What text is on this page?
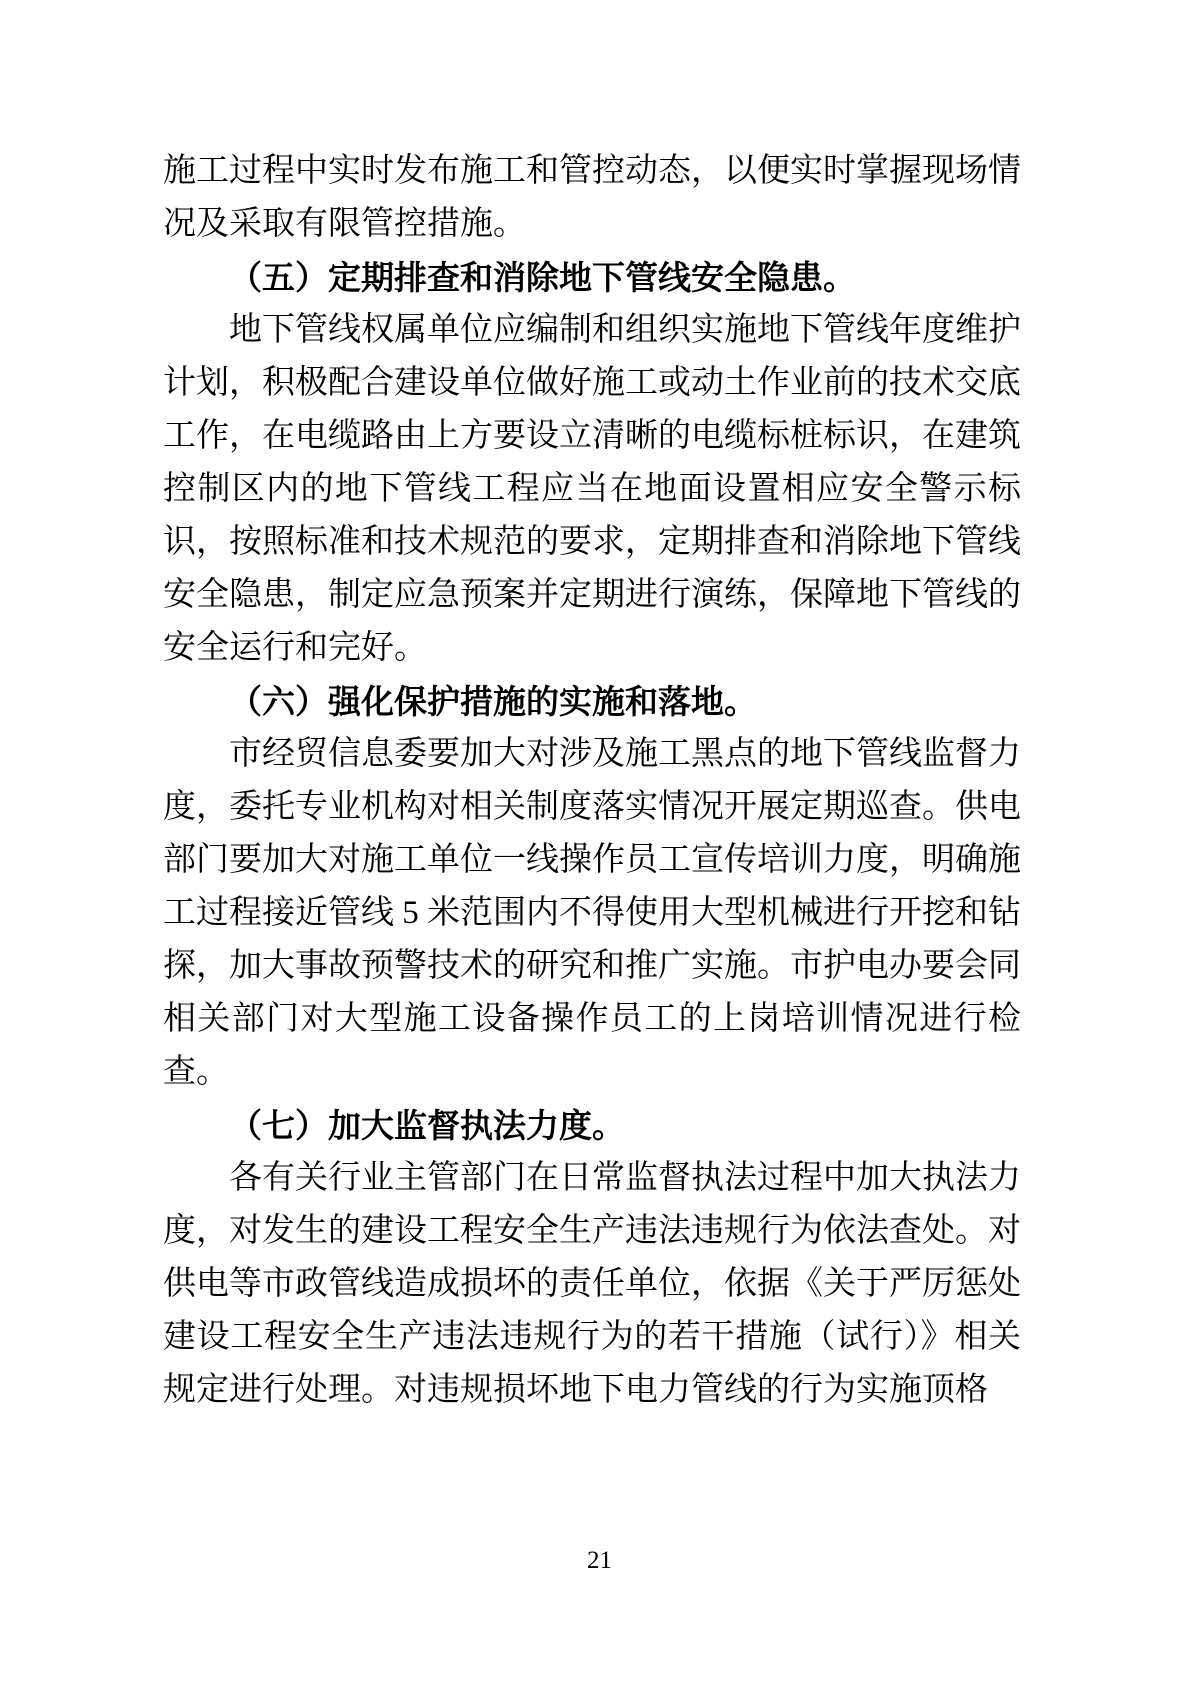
施工过程中实时发布施工和管控动态，以便实时掌握现场情况及采取有限管控措施。

（五）定期排查和消除地下管线安全隐患。

地下管线权属单位应编制和组织实施地下管线年度维护计划，积极配合建设单位做好施工或动土作业前的技术交底工作，在电缆路由上方要设立清晰的电缆标桩标识，在建筑控制区内的地下管线工程应当在地面设置相应安全警示标识，按照标准和技术规范的要求，定期排查和消除地下管线安全隐患，制定应急预案并定期进行演练，保障地下管线的安全运行和完好。

（六）强化保护措施的实施和落地。

市经贸信息委要加大对涉及施工黑点的地下管线监督力度，委托专业机构对相关制度落实情况开展定期巡查。供电部门要加大对施工单位一线操作员工宣传培训力度，明确施工过程接近管线 5 米范围内不得使用大型机械进行开挖和钻探，加大事故预警技术的研究和推广实施。市护电办要会同相关部门对大型施工设备操作员工的上岗培训情况进行检查。

（七）加大监督执法力度。

各有关行业主管部门在日常监督执法过程中加大执法力度，对发生的建设工程安全生产违法违规行为依法查处。对供电等市政管线造成损坏的责任单位，依据《关于严厉惩处建设工程安全生产违法违规行为的若干措施（试行）》相关规定进行处理。对违规损坏地下电力管线的行为实施顶格

21
